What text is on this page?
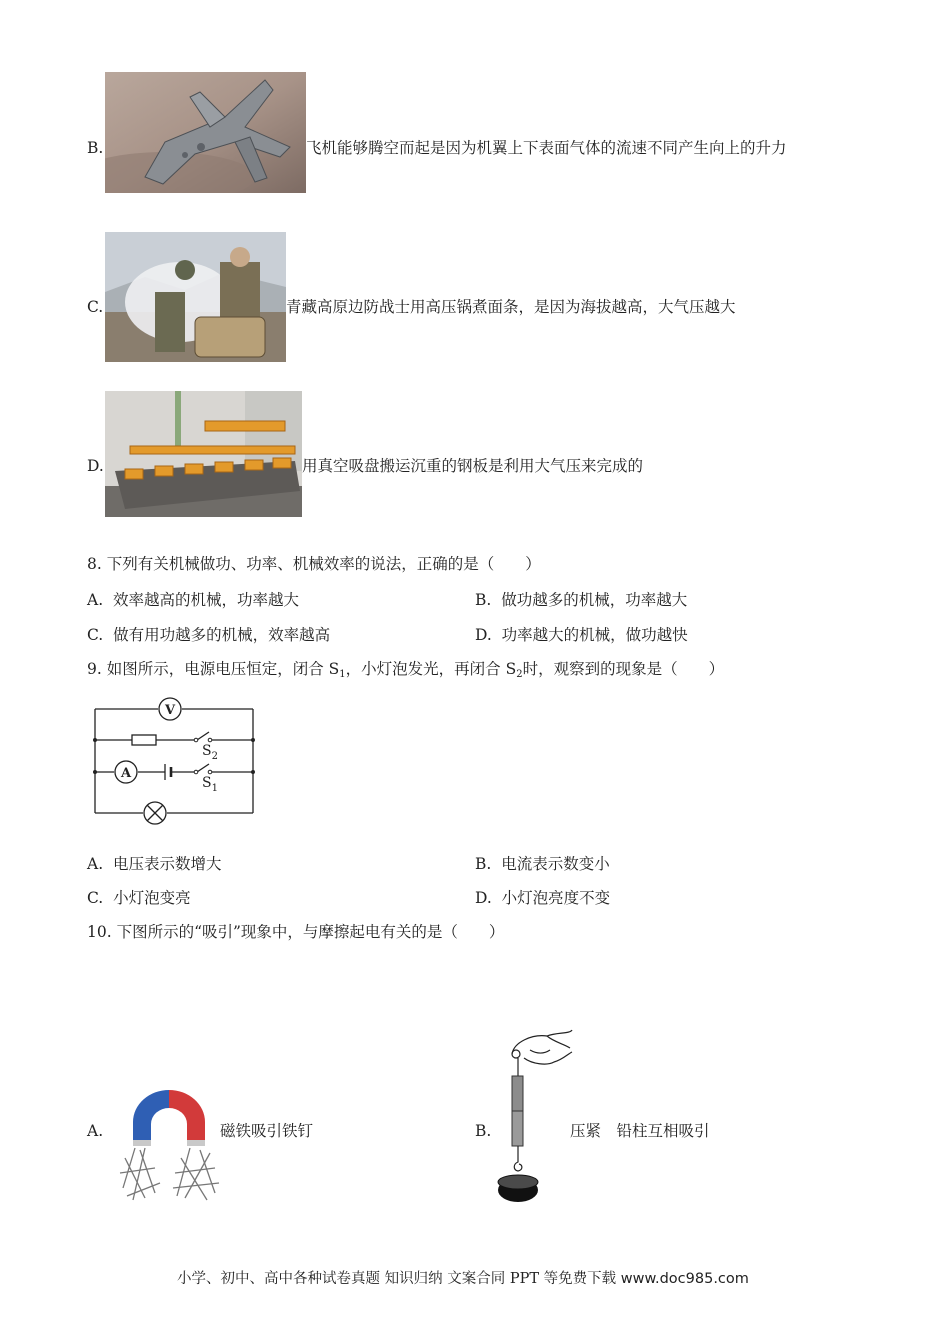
B.	飞机能够腾空而起是因为机翼上下表面气体的流速不同产生向上的升力
C.	青藏高原边防战士用高压锅煮面条，是因为海拔越高，大气压越大
D.	用真空吸盘搬运沉重的钢板是利用大气压来完成的
8. 下列有关机械做功、功率、机械效率的说法，正确的是（　　）
A. 效率越高的机械，功率越大	B. 做功越多的机械，功率越大
C. 做有用功越多的机械，效率越高	D. 功率越大的机械，做功越快
9. 如图所示，电源电压恒定，闭合 $S_1$，小灯泡发光，再闭合 $S_2$时，观察到的现象是（　　）
V
A
$S_2$
$S_1$
A. 电压表示数增大	B. 电流表示数变小
C. 小灯泡变亮	D. 小灯泡亮度不变
10. 下图所示的“吸引”现象中，与摩擦起电有关的是（　　）
A.	磁铁吸引铁钉	B.	压紧　铅柱互相吸引
小学、初中、高中各种试卷真题 知识归纳 文案合同 PPT 等免费下载 www.doc985.com
